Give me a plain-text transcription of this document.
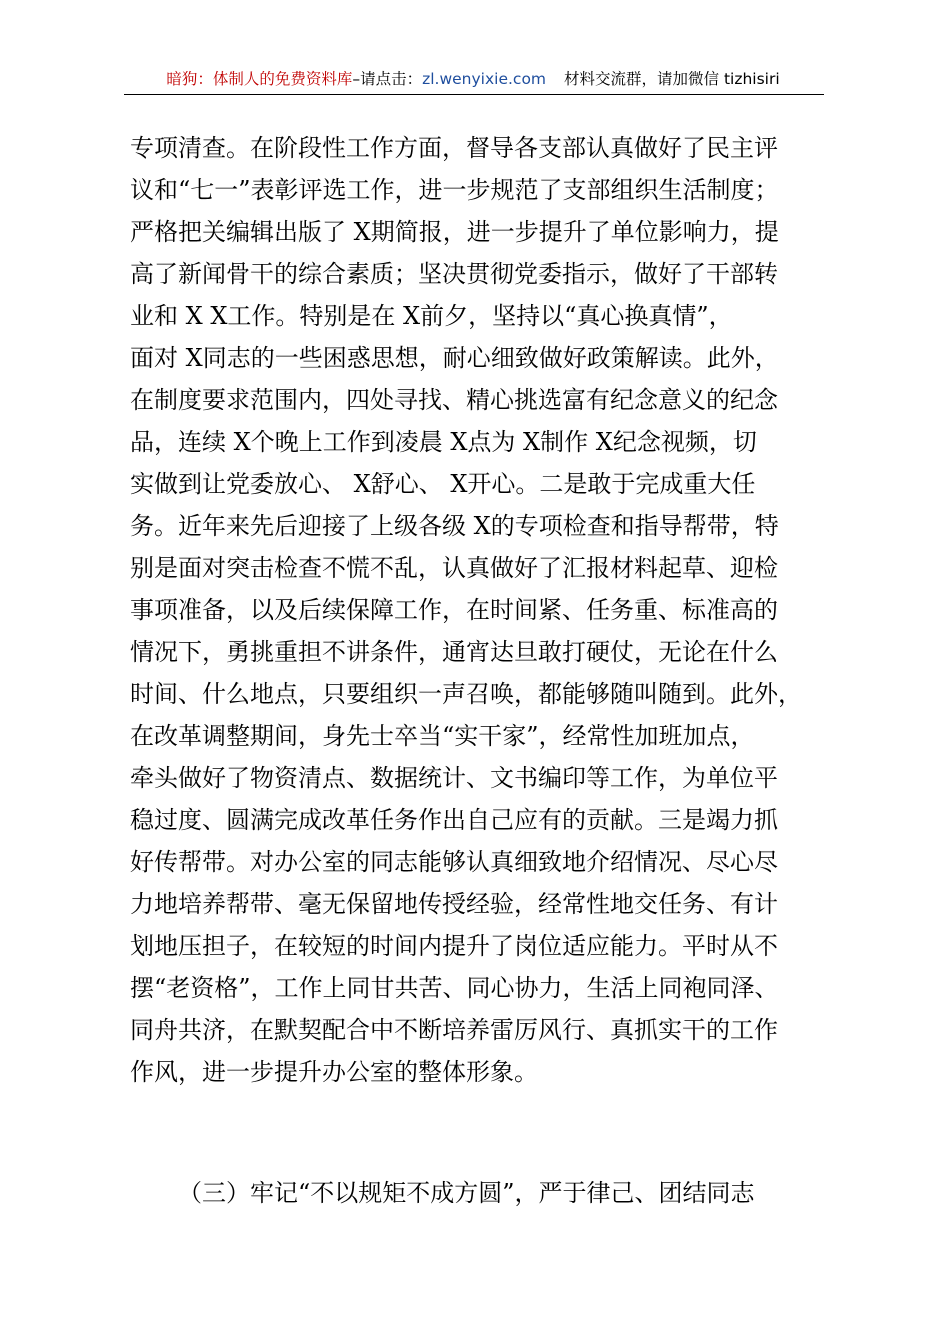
暗狗：体制人的免费资料库–请点击：zl.wenyixie.com 材料交流群，请加微信 tizhisiri
专项清查。在阶段性工作方面，督导各支部认真做好了民主评
议和“七一”表彰评选工作，进一步规范了支部组织生活制度；
严格把关编辑出版了 X期简报，进一步提升了单位影响力，提
高了新闻骨干的综合素质；坚决贯彻党委指示，做好了干部转
业和 X X工作。特别是在 X前夕，坚持以“真心换真情”，
面对 X同志的一些困惑思想，耐心细致做好政策解读。此外，
在制度要求范围内，四处寻找、精心挑选富有纪念意义的纪念
品，连续 X个晚上工作到凌晨 X点为 X制作 X纪念视频，切
实做到让党委放心、 X舒心、 X开心。二是敢于完成重大任
务。近年来先后迎接了上级各级 X的专项检查和指导帮带，特
别是面对突击检查不慌不乱，认真做好了汇报材料起草、迎检
事项准备，以及后续保障工作，在时间紧、任务重、标准高的
情况下，勇挑重担不讲条件，通宵达旦敢打硬仗，无论在什么
时间、什么地点，只要组织一声召唤，都能够随叫随到。此外，
在改革调整期间，身先士卒当“实干家”，经常性加班加点，
牵头做好了物资清点、数据统计、文书编印等工作，为单位平
稳过度、圆满完成改革任务作出自己应有的贡献。三是竭力抓
好传帮带。对办公室的同志能够认真细致地介绍情况、尽心尽
力地培养帮带、毫无保留地传授经验，经常性地交任务、有计
划地压担子，在较短的时间内提升了岗位适应能力。平时从不
摆“老资格”，工作上同甘共苦、同心协力，生活上同袍同泽、
同舟共济，在默契配合中不断培养雷厉风行、真抓实干的工作
作风，进一步提升办公室的整体形象。
（三）牢记“不以规矩不成方圆”，严于律己、团结同志
